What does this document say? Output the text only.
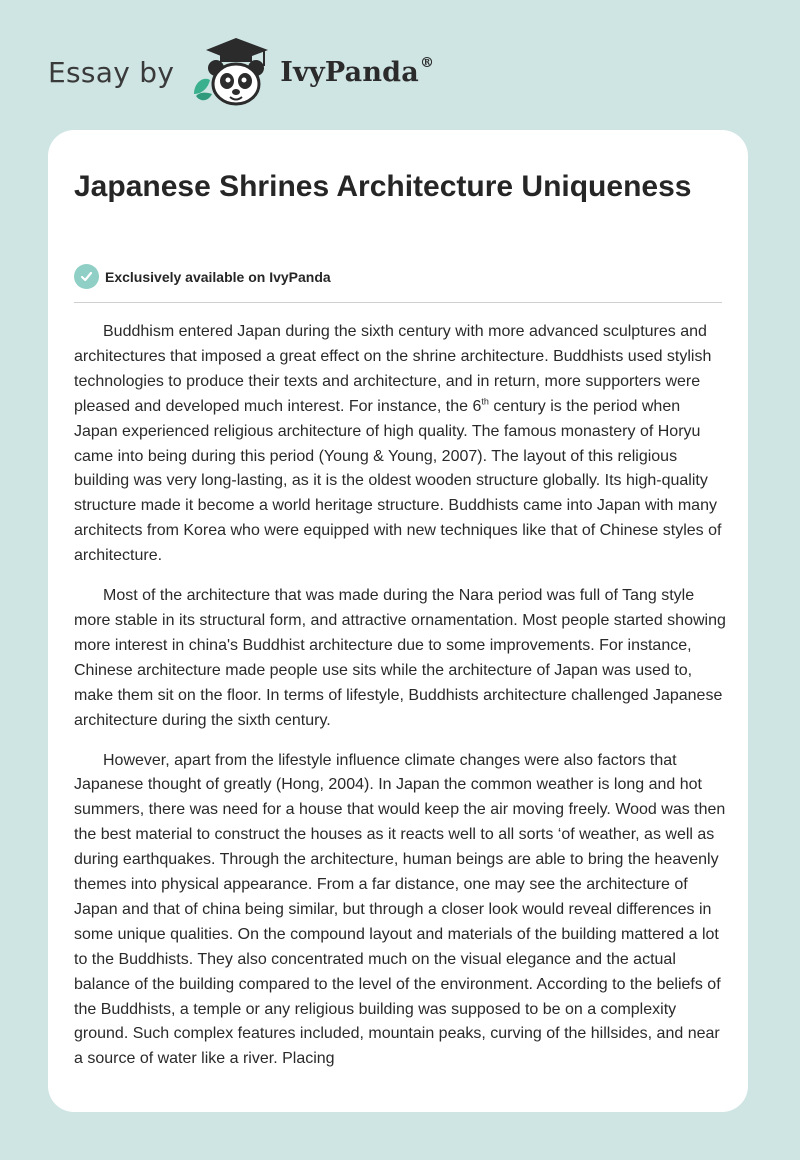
Essay by	IvyPanda®
Japanese Shrines Architecture Uniqueness
Exclusively available on IvyPanda

Buddhism entered Japan during the sixth century with more advanced sculptures and architectures that imposed a great effect on the shrine architecture. Buddhists used stylish technologies to produce their texts and architecture, and in return, more supporters were pleased and developed much interest. For instance, the 6th century is the period when Japan experienced religious architecture of high quality. The famous monastery of Horyu came into being during this period (Young & Young, 2007). The layout of this religious building was very long-lasting, as it is the oldest wooden structure globally. Its high-quality structure made it become a world heritage structure. Buddhists came into Japan with many architects from Korea who were equipped with new techniques like that of Chinese styles of architecture.

Most of the architecture that was made during the Nara period was full of Tang style more stable in its structural form, and attractive ornamentation. Most people started showing more interest in china's Buddhist architecture due to some improvements. For instance, Chinese architecture made people use sits while the architecture of Japan was used to, make them sit on the floor. In terms of lifestyle, Buddhists architecture challenged Japanese architecture during the sixth century.

However, apart from the lifestyle influence climate changes were also factors that Japanese thought of greatly (Hong, 2004). In Japan the common weather is long and hot summers, there was need for a house that would keep the air moving freely. Wood was then the best material to construct the houses as it reacts well to all sorts ‘of weather, as well as during earthquakes. Through the architecture, human beings are able to bring the heavenly themes into physical appearance. From a far distance, one may see the architecture of Japan and that of china being similar, but through a closer look would reveal differences in some unique qualities. On the compound layout and materials of the building mattered a lot to the Buddhists. They also concentrated much on the visual elegance and the actual balance of the building compared to the level of the environment. According to the beliefs of the Buddhists, a temple or any religious building was supposed to be on a complexity ground. Such complex features included, mountain peaks, curving of the hillsides, and near a source of water like a river. Placing
